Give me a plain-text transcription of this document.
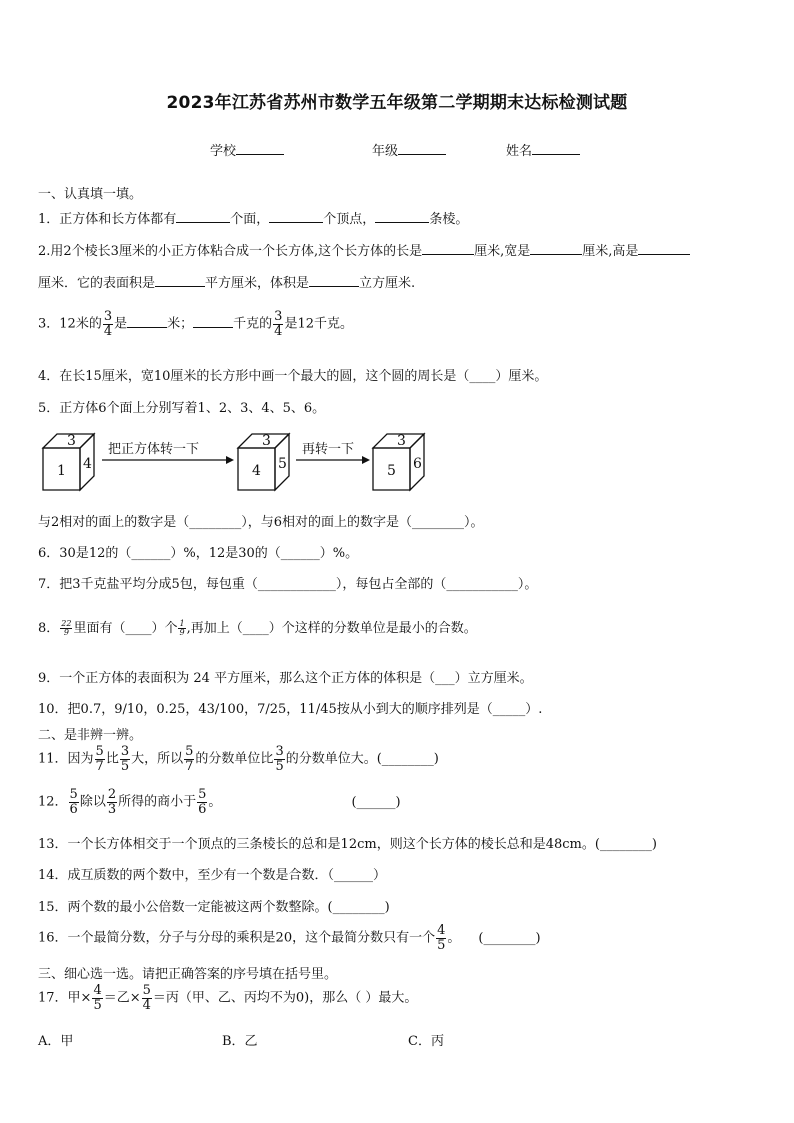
2023年江苏省苏州市数学五年级第二学期期末达标检测试题
学校	年级	姓名
一、认真填一填。
1．正方体和长方体都有	个面，	个顶点，	条棱。
2.用2个棱长3厘米的小正方体粘合成一个长方体,这个长方体的长是	厘米,宽是	厘米,高是
厘米．它的表面积是	平方厘米，体积是	立方厘米.
3．12米的 $\frac{3}{4}$ 是	米；	千克的 $\frac{3}{4}$ 是12千克。
4．在长15厘米，宽10厘米的长方形中画一个最大的圆，这个圆的周长是（____）厘米。
5．正方体6个面上分别写着1、2、3、4、5、6。
3
1 4
把正方体转一下
3
4 5
再转一下
3
5 6
与2相对的面上的数字是（________），与6相对的面上的数字是（________）。
6．30是12的（______）%，12是30的（______）%。
7．把3千克盐平均分成5包，每包重（____________），每包占全部的（___________）。
8． $\frac{22}{9}$ 里面有（____）个 $\frac{1}{9}$ ,再加上（____）个这样的分数单位是最小的合数。
9．一个正方体的表面积为 24 平方厘米，那么这个正方体的体积是（___）立方厘米。
10．把0.7，9/10，0.25，43/100，7/25，11/45按从小到大的顺序排列是（_____）.
二、是非辨一辨。
11．因为 $\frac{5}{7}$ 比 $\frac{3}{5}$ 大，所以 $\frac{5}{7}$ 的分数单位比 $\frac{3}{5}$ 的分数单位大。(________)
12． $\frac{5}{6}$ 除以 $\frac{2}{3}$ 所得的商小于 $\frac{5}{6}$ 。	(______)
13．一个长方体相交于一个顶点的三条棱长的总和是12cm，则这个长方体的棱长总和是48cm。(________)
14．成互质数的两个数中，至少有一个数是合数．（______）
15．两个数的最小公倍数一定能被这两个数整除。(________)
16．一个最简分数，分子与分母的乘积是20，这个最简分数只有一个 $\frac{4}{5}$ 。 (________)
三、细心选一选。请把正确答案的序号填在括号里。
17．甲× $\frac{4}{5}$ ＝乙× $\frac{5}{4}$ ＝丙（甲、乙、丙均不为0)，那么（ ）最大。
A．甲	B．乙	C．丙
